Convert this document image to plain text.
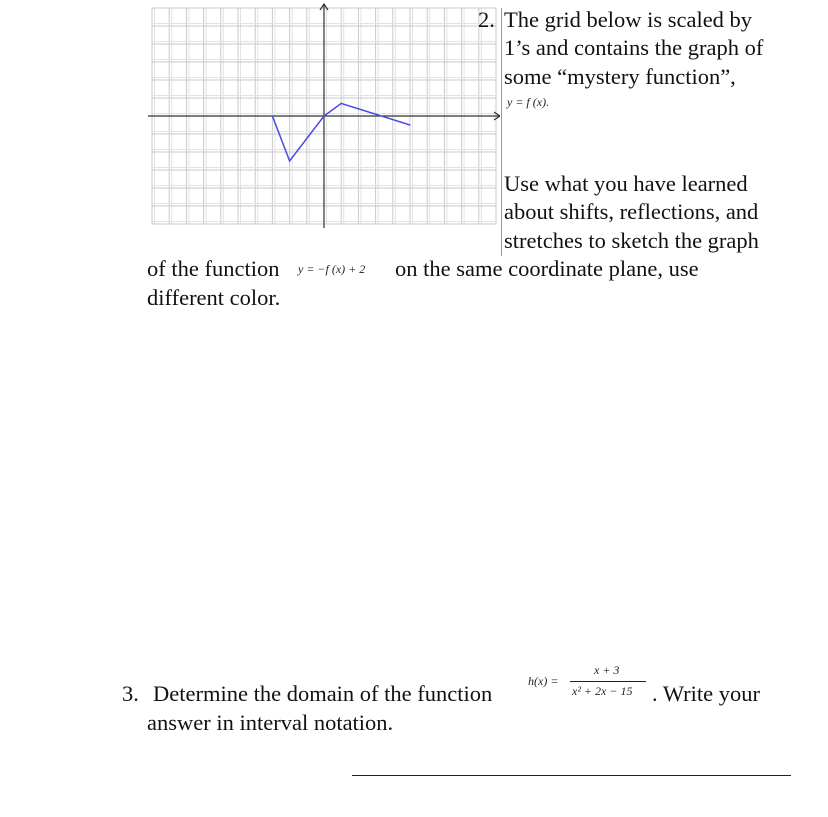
2. The grid below is scaled by
1’s and contains the graph of
some “mystery function”,
y = f (x).
Use what you have learned
about shifts, reflections, and
stretches to sketch the graph
of the function y = −f (x) + 2 on the same coordinate plane, use
different color.
3. Determine the domain of the function	h(x) =
x + 3
x² + 2x − 15 . Write your
answer in interval notation.
